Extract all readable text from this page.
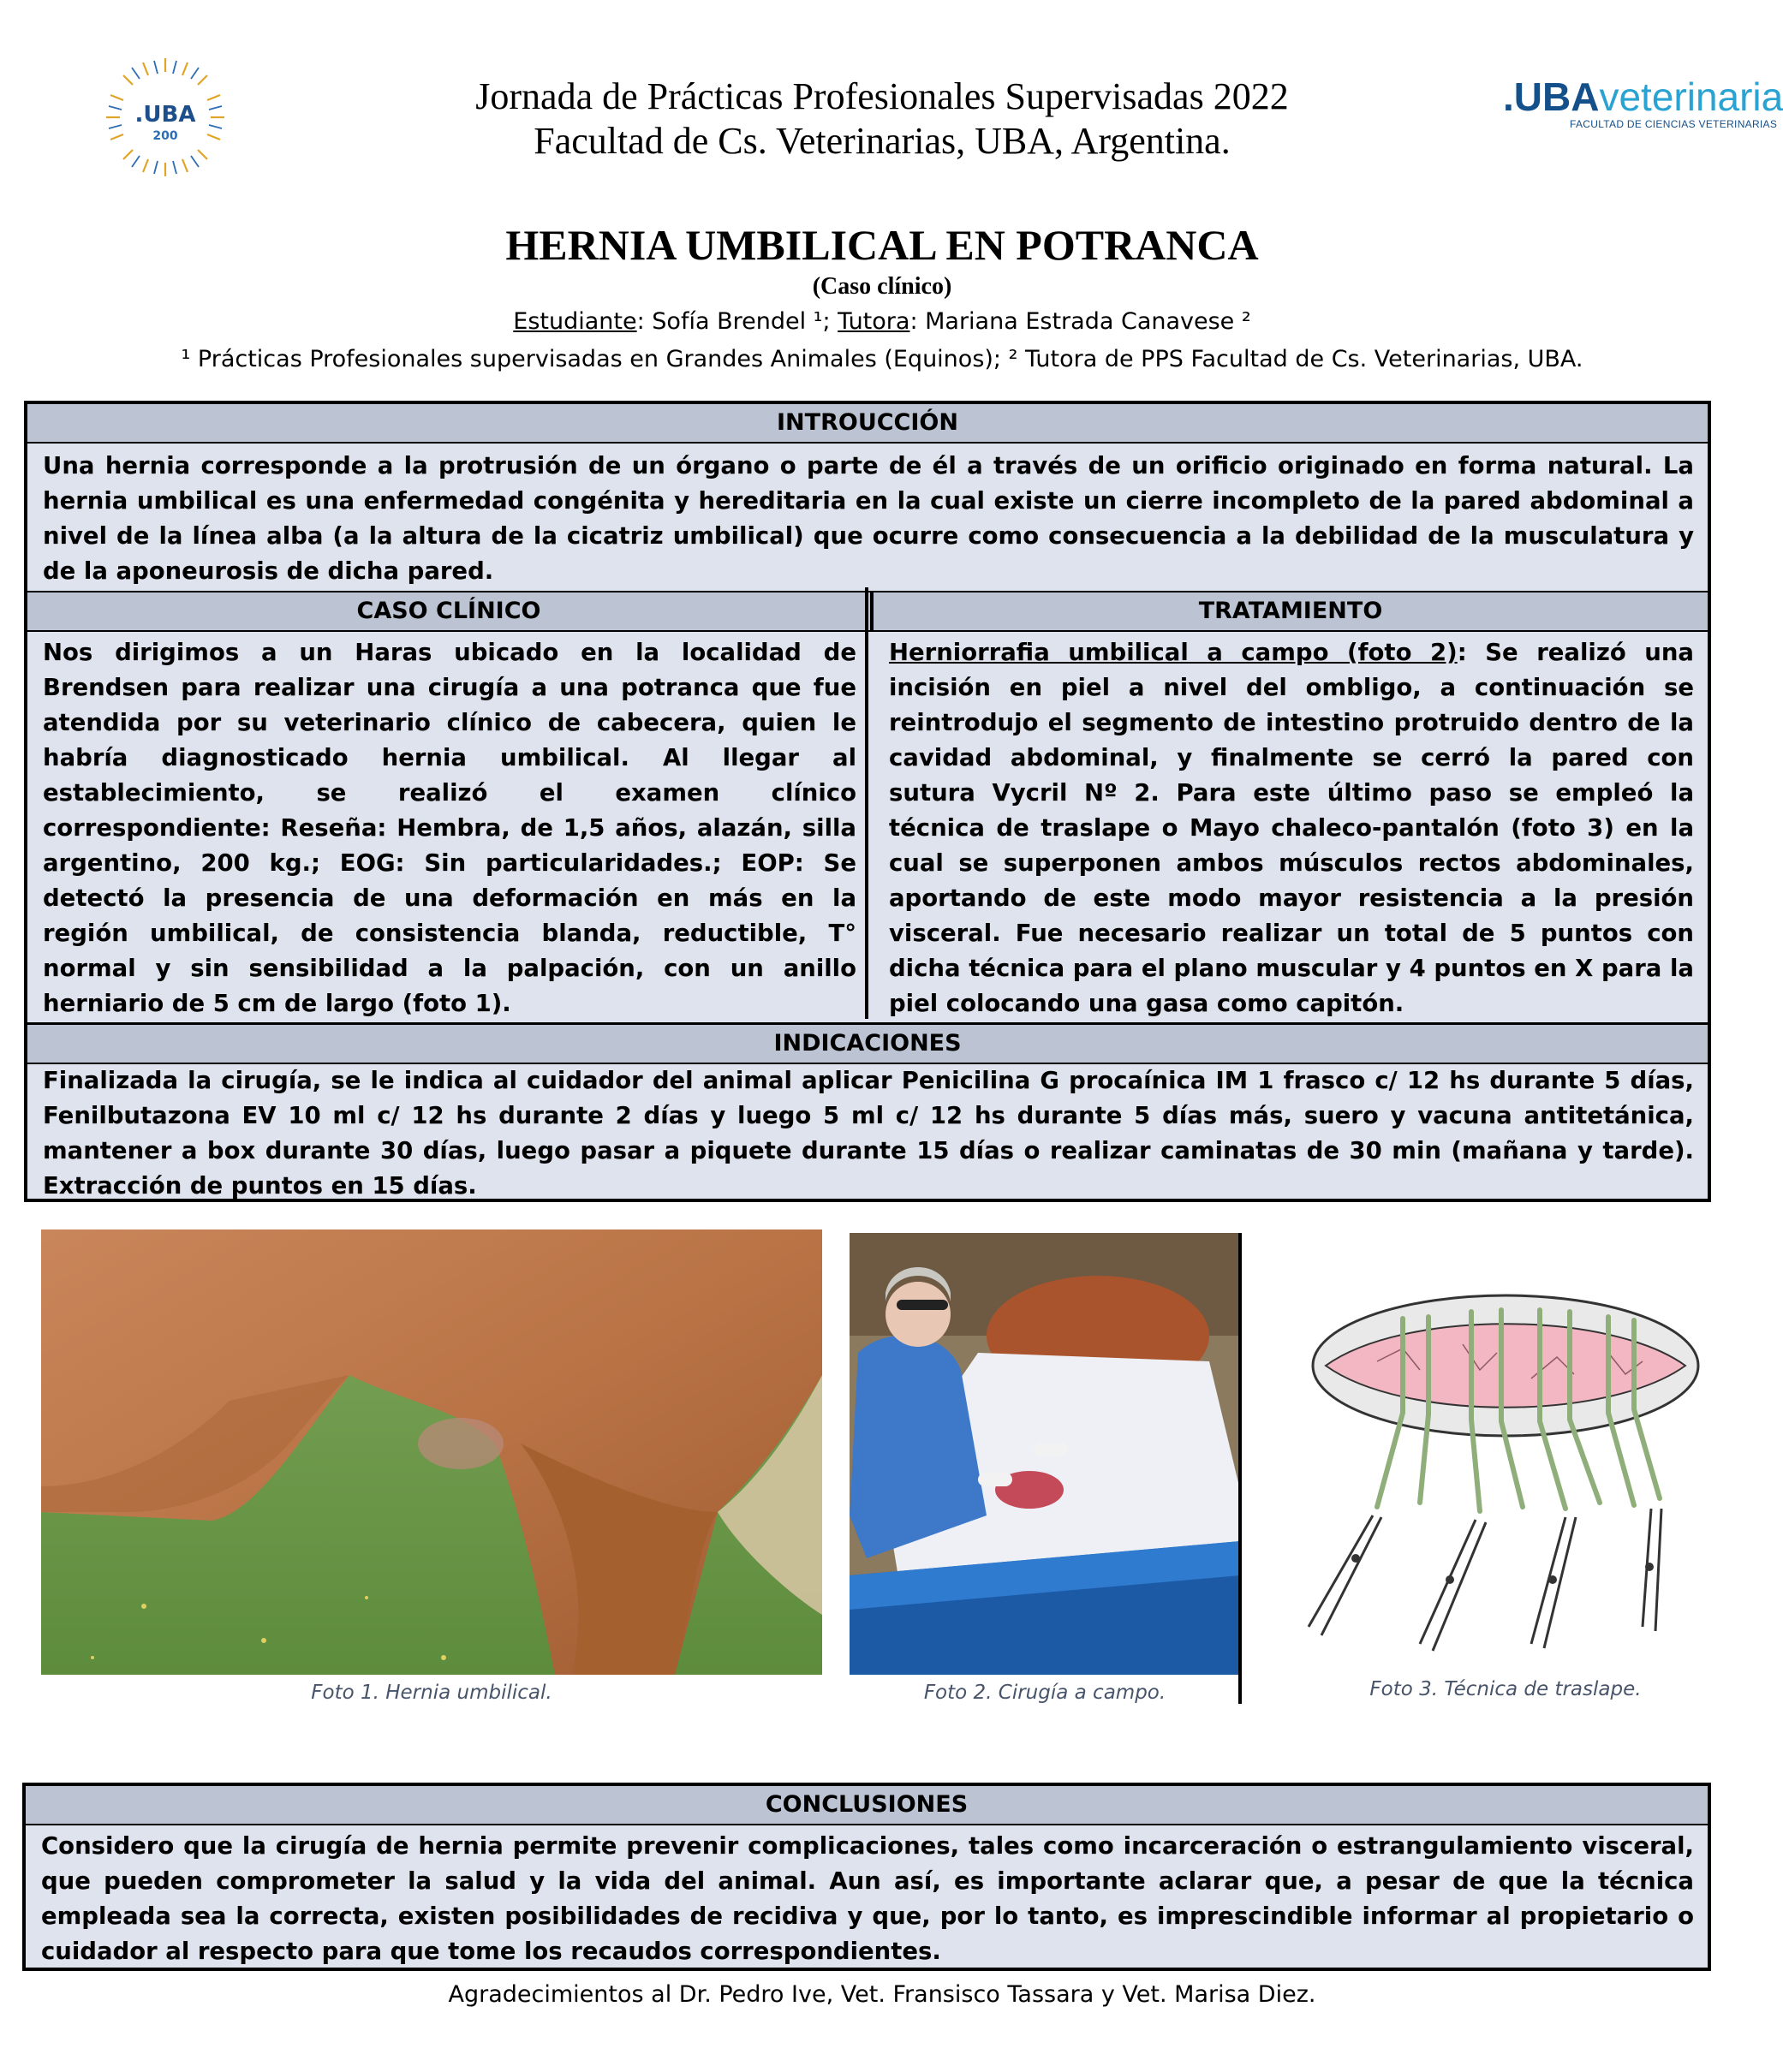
.UBA
200
Jornada de Prácticas Profesionales Supervisadas 2022
Facultad de Cs. Veterinarias, UBA, Argentina.
.UBAveterinaria
FACULTAD DE CIENCIAS VETERINARIAS
HERNIA UMBILICAL EN POTRANCA
(Caso clínico)
Estudiante: Sofía Brendel ¹; Tutora: Mariana Estrada Canavese ²
¹ Prácticas Profesionales supervisadas en Grandes Animales (Equinos); ² Tutora de PPS Facultad de Cs. Veterinarias, UBA.
INTROUCCIÓN
Una hernia corresponde a la protrusión de un órgano o parte de él a través de un orificio originado en forma natural. La hernia umbilical es una enfermedad congénita y hereditaria en la cual existe un cierre incompleto de la pared abdominal a nivel de la línea alba (a la altura de la cicatriz umbilical) que ocurre como consecuencia a la debilidad de la musculatura y de la aponeurosis de dicha pared.
CASO CLÍNICO	TRATAMIENTO
Nos dirigimos a un Haras ubicado en la localidad de Brendsen para realizar una cirugía a una potranca que fue atendida por su veterinario clínico de cabecera, quien le habría diagnosticado hernia umbilical. Al llegar al establecimiento, se realizó el examen clínico correspondiente: Reseña: Hembra, de 1,5 años, alazán, silla argentino, 200 kg.; EOG: Sin particularidades.; EOP: Se detectó la presencia de una deformación en más en la región umbilical, de consistencia blanda, reductible, T° normal y sin sensibilidad a la palpación, con un anillo herniario de 5 cm de largo (foto 1).
Herniorrafia umbilical a campo (foto 2): Se realizó una incisión en piel a nivel del ombligo, a continuación se reintrodujo el segmento de intestino protruido dentro de la cavidad abdominal, y finalmente se cerró la pared con sutura Vycril Nº 2. Para este último paso se empleó la técnica de traslape o Mayo chaleco-pantalón (foto 3) en la cual se superponen ambos músculos rectos abdominales, aportando de este modo mayor resistencia a la presión visceral. Fue necesario realizar un total de 5 puntos con dicha técnica para el plano muscular y 4 puntos en X para la piel colocando una gasa como capitón.
INDICACIONES
Finalizada la cirugía, se le indica al cuidador del animal aplicar Penicilina G procaínica IM 1 frasco c/ 12 hs durante 5 días, Fenilbutazona EV 10 ml c/ 12 hs durante 2 días y luego 5 ml c/ 12 hs durante 5 días más, suero y vacuna antitetánica, mantener a box durante 30 días, luego pasar a piquete durante 15 días o realizar caminatas de 30 min (mañana y tarde). Extracción de puntos en 15 días.
Foto 1. Hernia umbilical.	Foto 2. Cirugía a campo.	Foto 3. Técnica de traslape.
CONCLUSIONES
Considero que la cirugía de hernia permite prevenir complicaciones, tales como incarceración o estrangulamiento visceral, que pueden comprometer la salud y la vida del animal. Aun así, es importante aclarar que, a pesar de que la técnica empleada sea la correcta, existen posibilidades de recidiva y que, por lo tanto, es imprescindible informar al propietario o cuidador al respecto para que tome los recaudos correspondientes.
Agradecimientos al Dr. Pedro Ive, Vet. Fransisco Tassara y Vet. Marisa Diez.
